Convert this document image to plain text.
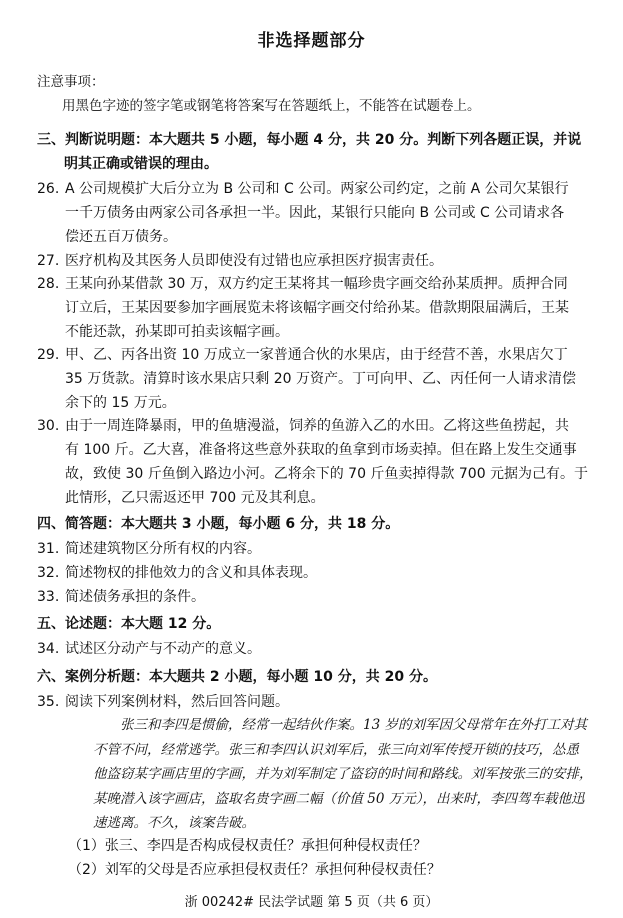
非选择题部分
注意事项：
用黑色字迹的签字笔或钢笔将答案写在答题纸上，不能答在试题卷上。
三、判断说明题：本大题共 5 小题，每小题 4 分，共 20 分。判断下列各题正误，并说
明其正确或错误的理由。
26. A 公司规模扩大后分立为 B 公司和 C 公司。两家公司约定，之前 A 公司欠某银行
一千万债务由两家公司各承担一半。因此，某银行只能向 B 公司或 C 公司请求各
偿还五百万债务。
27. 医疗机构及其医务人员即使没有过错也应承担医疗损害责任。
28. 王某向孙某借款 30 万，双方约定王某将其一幅珍贵字画交给孙某质押。质押合同
订立后，王某因要参加字画展览未将该幅字画交付给孙某。借款期限届满后，王某
不能还款，孙某即可拍卖该幅字画。
29. 甲、乙、丙各出资 10 万成立一家普通合伙的水果店，由于经营不善，水果店欠丁
35 万货款。清算时该水果店只剩 20 万资产。丁可向甲、乙、丙任何一人请求清偿
余下的 15 万元。
30. 由于一周连降暴雨，甲的鱼塘漫溢，饲养的鱼游入乙的水田。乙将这些鱼捞起，共
有 100 斤。乙大喜，准备将这些意外获取的鱼拿到市场卖掉。但在路上发生交通事
故，致使 30 斤鱼倒入路边小河。乙将余下的 70 斤鱼卖掉得款 700 元据为己有。于
此情形，乙只需返还甲 700 元及其利息。
四、简答题：本大题共 3 小题，每小题 6 分，共 18 分。
31. 简述建筑物区分所有权的内容。
32. 简述物权的排他效力的含义和具体表现。
33. 简述债务承担的条件。
五、论述题：本大题 12 分。
34. 试述区分动产与不动产的意义。
六、案例分析题：本大题共 2 小题，每小题 10 分，共 20 分。
35. 阅读下列案例材料，然后回答问题。
　　张三和李四是惯偷，经常一起结伙作案。13 岁的刘军因父母常年在外打工对其
不管不问，经常逃学。张三和李四认识刘军后，张三向刘军传授开锁的技巧，怂恿
他盗窃某字画店里的字画，并为刘军制定了盗窃的时间和路线。刘军按张三的安排，
某晚潜入该字画店，盗取名贵字画二幅（价值 50 万元），出来时，李四驾车载他迅
速逃离。不久，该案告破。
（1）张三、李四是否构成侵权责任？承担何种侵权责任？
（2）刘军的父母是否应承担侵权责任？承担何种侵权责任？
浙 00242# 民法学试题 第 5 页（共 6 页）
